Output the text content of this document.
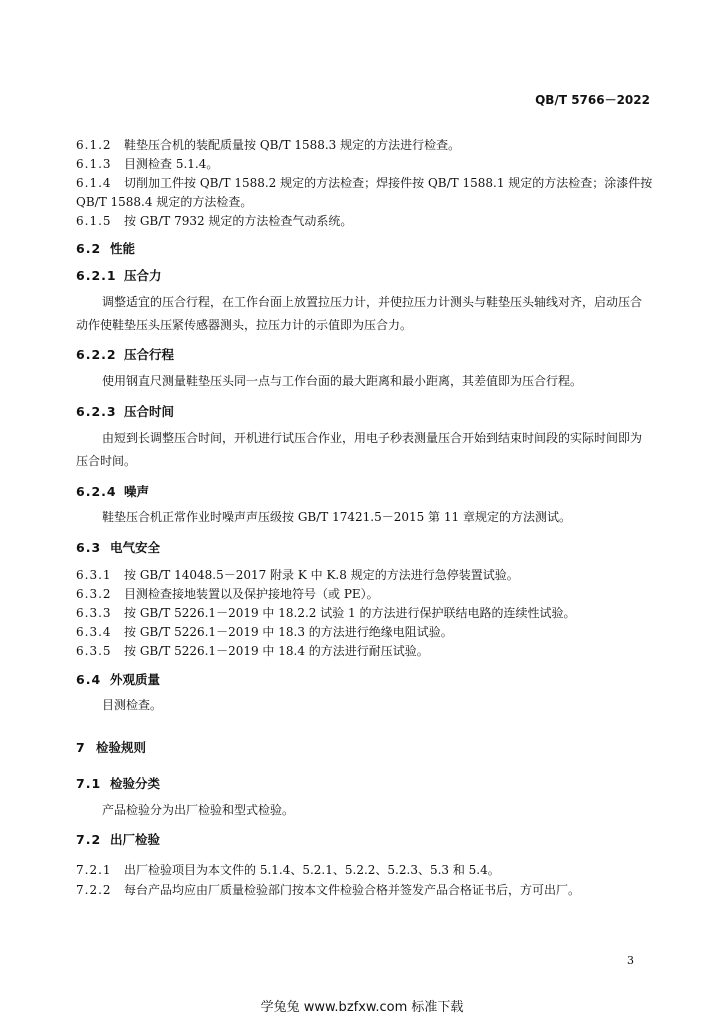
QB/T 5766－2022
6.1.2 鞋垫压合机的装配质量按 QB/T 1588.3 规定的方法进行检查。
6.1.3 目测检查 5.1.4。
6.1.4 切削加工件按 QB/T 1588.2 规定的方法检查；焊接件按 QB/T 1588.1 规定的方法检查；涂漆件按
QB/T 1588.4 规定的方法检查。
6.1.5 按 GB/T 7932 规定的方法检查气动系统。
6.2 性能
6.2.1 压合力
调整适宜的压合行程，在工作台面上放置拉压力计，并使拉压力计测头与鞋垫压头轴线对齐，启动压合动作使鞋垫压头压紧传感器测头，拉压力计的示值即为压合力。
6.2.2 压合行程
使用钢直尺测量鞋垫压头同一点与工作台面的最大距离和最小距离，其差值即为压合行程。
6.2.3 压合时间
由短到长调整压合时间，开机进行试压合作业，用电子秒表测量压合开始到结束时间段的实际时间即为压合时间。
6.2.4 噪声
鞋垫压合机正常作业时噪声声压级按 GB/T 17421.5－2015 第 11 章规定的方法测试。
6.3 电气安全
6.3.1 按 GB/T 14048.5－2017 附录 K 中 K.8 规定的方法进行急停装置试验。
6.3.2 目测检查接地装置以及保护接地符号（或 PE）。
6.3.3 按 GB/T 5226.1－2019 中 18.2.2 试验 1 的方法进行保护联结电路的连续性试验。
6.3.4 按 GB/T 5226.1－2019 中 18.3 的方法进行绝缘电阻试验。
6.3.5 按 GB/T 5226.1－2019 中 18.4 的方法进行耐压试验。
6.4 外观质量
目测检查。
7 检验规则
7.1 检验分类
产品检验分为出厂检验和型式检验。
7.2 出厂检验
7.2.1 出厂检验项目为本文件的 5.1.4、5.2.1、5.2.2、5.2.3、5.3 和 5.4。
7.2.2 每台产品均应由厂质量检验部门按本文件检验合格并签发产品合格证书后，方可出厂。
3
学兔兔 www.bzfxw.com 标准下载
